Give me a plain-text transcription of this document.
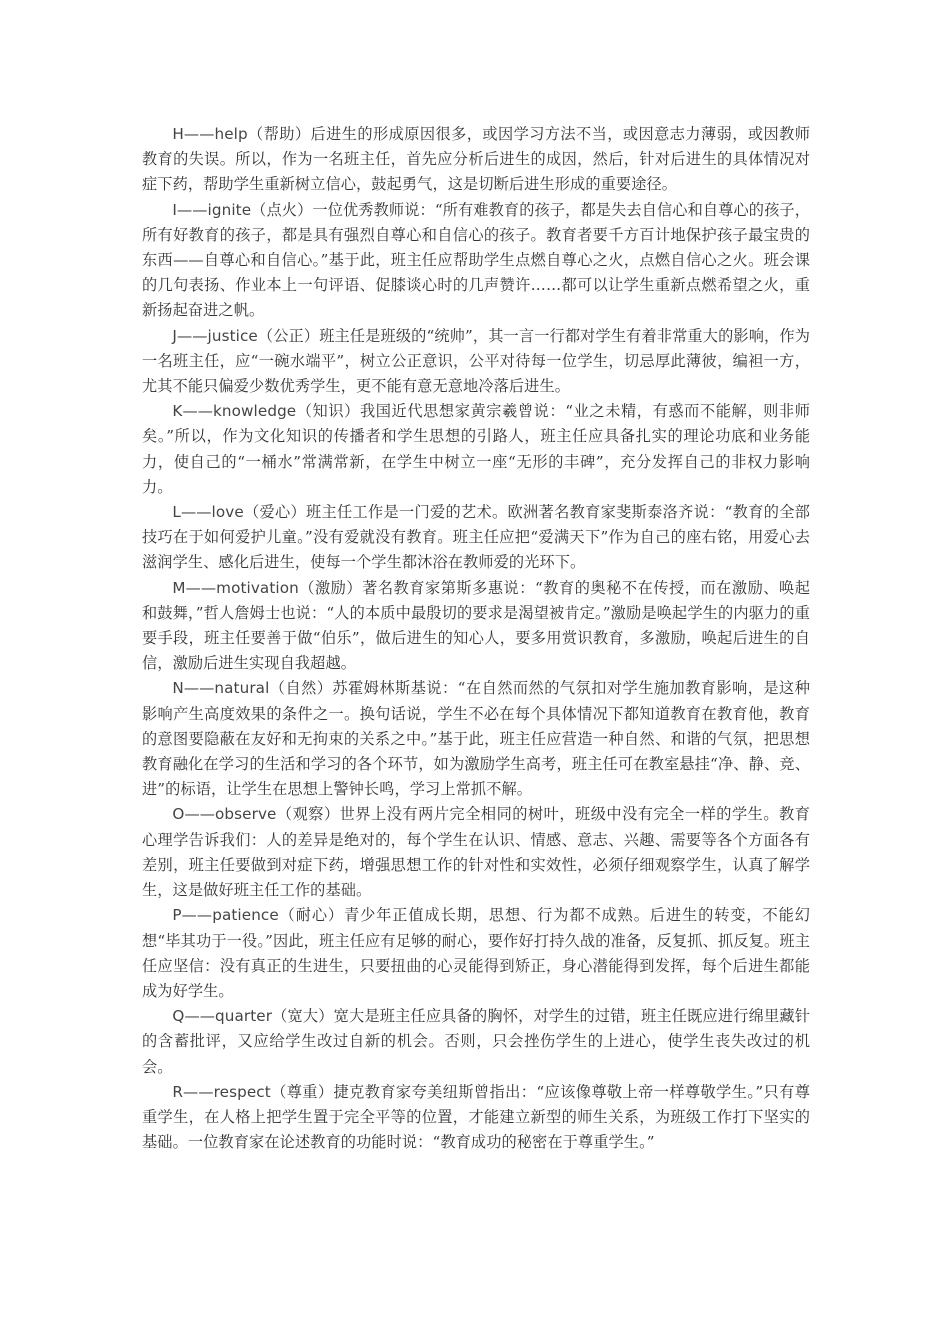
H——help（帮助）后进生的形成原因很多，或因学习方法不当，或因意志力薄弱，或因教师教育的失误。所以，作为一名班主任，首先应分析后进生的成因，然后，针对后进生的具体情况对症下药，帮助学生重新树立信心，鼓起勇气，这是切断后进生形成的重要途径。

I——ignite（点火）一位优秀教师说：“所有难教育的孩子，都是失去自信心和自尊心的孩子，所有好教育的孩子，都是具有强烈自尊心和自信心的孩子。教育者要千方百计地保护孩子最宝贵的东西——自尊心和自信心。”基于此，班主任应帮助学生点燃自尊心之火，点燃自信心之火。班会课的几句表扬、作业本上一句评语、促膝谈心时的几声赞许……都可以让学生重新点燃希望之火，重新扬起奋进之帆。

J——justice（公正）班主任是班级的“统帅”，其一言一行都对学生有着非常重大的影响，作为一名班主任，应“一碗水端平”，树立公正意识，公平对待每一位学生，切忌厚此薄彼，编袒一方，尤其不能只偏爱少数优秀学生，更不能有意无意地冷落后进生。

K——knowledge（知识）我国近代思想家黄宗羲曾说：“业之未精，有惑而不能解，则非师矣。”所以，作为文化知识的传播者和学生思想的引路人，班主任应具备扎实的理论功底和业务能力，使自己的“一桶水”常满常新，在学生中树立一座“无形的丰碑”，充分发挥自己的非权力影响力。

L——love（爱心）班主任工作是一门爱的艺术。欧洲著名教育家斐斯泰洛齐说：“教育的全部技巧在于如何爱护儿童。”没有爱就没有教育。班主任应把“爱满天下”作为自己的座右铭，用爱心去滋润学生、感化后进生，使每一个学生都沐浴在教师爱的光环下。

M——motivation（激励）著名教育家第斯多惠说：“教育的奥秘不在传授，而在激励、唤起和鼓舞，”哲人詹姆士也说：“人的本质中最殷切的要求是渴望被肯定。”激励是唤起学生的内驱力的重要手段，班主任要善于做“伯乐”，做后进生的知心人，要多用赏识教育，多激励，唤起后进生的自信，激励后进生实现自我超越。

N——natural（自然）苏霍姆林斯基说：“在自然而然的气氛扣对学生施加教育影响，是这种影响产生高度效果的条件之一。换句话说，学生不必在每个具体情况下都知道教育在教育他，教育的意图要隐蔽在友好和无拘束的关系之中。”基于此，班主任应营造一种自然、和谐的气氛，把思想教育融化在学习的生活和学习的各个环节，如为激励学生高考，班主任可在教室悬挂“净、静、竞、进”的标语，让学生在思想上警钟长鸣，学习上常抓不解。

O——observe（观察）世界上没有两片完全相同的树叶，班级中没有完全一样的学生。教育心理学告诉我们：人的差异是绝对的，每个学生在认识、情感、意志、兴趣、需要等各个方面各有差别，班主任要做到对症下药，增强思想工作的针对性和实效性，必须仔细观察学生，认真了解学生，这是做好班主任工作的基础。

P——patience（耐心）青少年正值成长期，思想、行为都不成熟。后进生的转变，不能幻想“毕其功于一役。”因此，班主任应有足够的耐心，要作好打持久战的准备，反复抓、抓反复。班主任应坚信：没有真正的生进生，只要扭曲的心灵能得到矫正，身心潜能得到发挥，每个后进生都能成为好学生。

Q——quarter（宽大）宽大是班主任应具备的胸怀，对学生的过错，班主任既应进行绵里藏针的含蓄批评，又应给学生改过自新的机会。否则，只会挫伤学生的上进心，使学生丧失改过的机会。

R——respect（尊重）捷克教育家夸美纽斯曾指出：“应该像尊敬上帝一样尊敬学生。”只有尊重学生，在人格上把学生置于完全平等的位置，才能建立新型的师生关系，为班级工作打下坚实的基础。一位教育家在论述教育的功能时说：“教育成功的秘密在于尊重学生。”
